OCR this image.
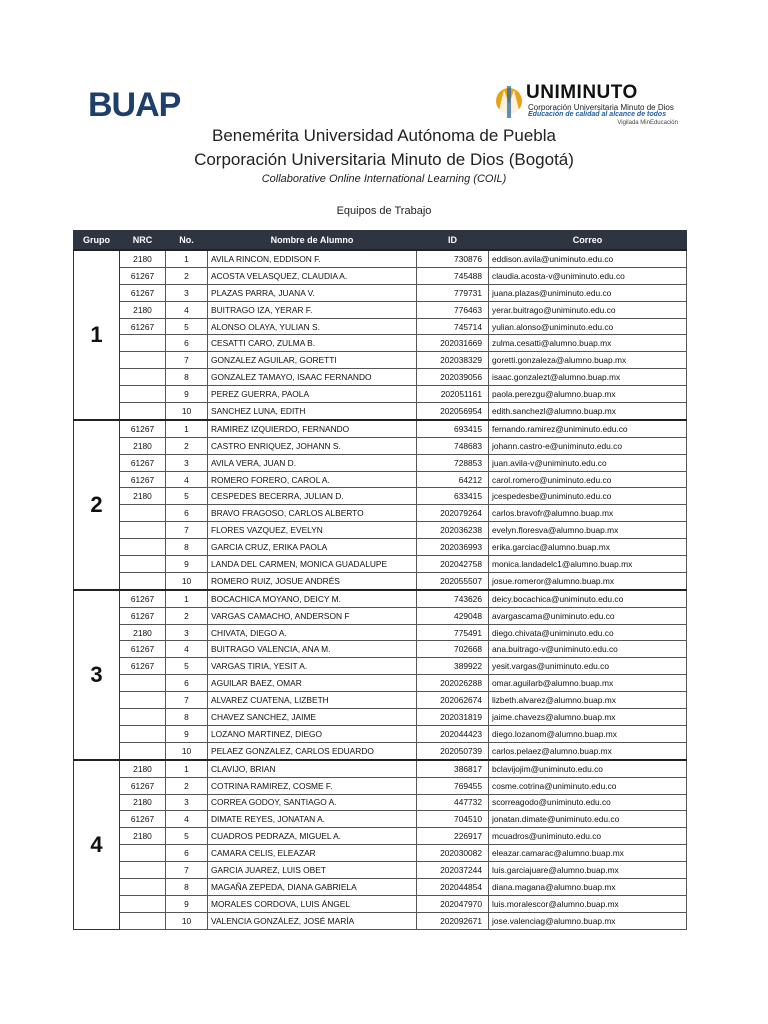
BUAP	UNIMINUTO
Corporación Universitaria Minuto de Dios
Educación de calidad al alcance de todos
Vigilada MinEducación
Benemérita Universidad Autónoma de Puebla
Corporación Universitaria Minuto de Dios (Bogotá)
Collaborative Online International Learning (COIL)
Equipos de Trabajo
Grupo	NRC	No.	Nombre de Alumno	ID	Correo
1	2180	1	AVILA RINCON, EDDISON F.	730876	eddison.avila@uniminuto.edu.co
	61267	2	ACOSTA VELASQUEZ, CLAUDIA A.	745488	claudia.acosta-v@uniminuto.edu.co
	61267	3	PLAZAS PARRA, JUANA V.	779731	juana.plazas@uniminuto.edu.co
	2180	4	BUITRAGO IZA, YERAR F.	776463	yerar.buitrago@uniminuto.edu.co
	61267	5	ALONSO OLAYA, YULIAN S.	745714	yulian.alonso@uniminuto.edu.co
		6	CESATTI CARO, ZULMA B.	202031669	zulma.cesatti@alumno.buap.mx
		7	GONZALEZ AGUILAR, GORETTI	202038329	goretti.gonzaleza@alumno.buap.mx
		8	GONZALEZ TAMAYO, ISAAC FERNANDO	202039056	isaac.gonzalezt@alumno.buap.mx
		9	PEREZ GUERRA, PAOLA	202051161	paola.perezgu@alumno.buap.mx
		10	SANCHEZ LUNA, EDITH	202056954	edith.sanchezl@alumno.buap.mx
2	61267	1	RAMIREZ IZQUIERDO, FERNANDO	693415	fernando.ramirez@uniminuto.edu.co
	2180	2	CASTRO ENRIQUEZ, JOHANN S.	748683	johann.castro-e@uniminuto.edu.co
	61267	3	AVILA VERA, JUAN D.	728853	juan.avila-v@uniminuto.edu.co
	61267	4	ROMERO FORERO, CAROL A.	64212	carol.romero@uniminuto.edu.co
	2180	5	CESPEDES BECERRA, JULIAN D.	633415	jcespedesbe@uniminuto.edu.co
		6	BRAVO FRAGOSO, CARLOS ALBERTO	202079264	carlos.bravofr@alumno.buap.mx
		7	FLORES VAZQUEZ, EVELYN	202036238	evelyn.floresva@alumno.buap.mx
		8	GARCIA CRUZ, ERIKA PAOLA	202036993	erika.garciac@alumno.buap.mx
		9	LANDA DEL CARMEN, MONICA GUADALUPE	202042758	monica.landadelc1@alumno.buap.mx
		10	ROMERO RUIZ, JOSUE ANDRÉS	202055507	josue.romeror@alumno.buap.mx
3	61267	1	BOCACHICA MOYANO, DEICY M.	743626	deicy.bocachica@uniminuto.edu.co
	61267	2	VARGAS CAMACHO, ANDERSON F	429048	avargascama@uniminuto.edu.co
	2180	3	CHIVATA, DIEGO A.	775491	diego.chivata@uniminuto.edu.co
	61267	4	BUITRAGO VALENCIA, ANA M.	702668	ana.buitrago-v@uniminuto.edu.co
	61267	5	VARGAS TIRIA, YESIT A.	389922	yesit.vargas@uniminuto.edu.co
		6	AGUILAR BAEZ, OMAR	202026288	omar.aguilarb@alumno.buap.mx
		7	ALVAREZ CUATENA, LIZBETH	202062674	lizbeth.alvarez@alumno.buap.mx
		8	CHAVEZ SANCHEZ, JAIME	202031819	jaime.chavezs@alumno.buap.mx
		9	LOZANO MARTINEZ, DIEGO	202044423	diego.lozanom@alumno.buap.mx
		10	PELAEZ GONZALEZ, CARLOS EDUARDO	202050739	carlos.pelaez@alumno.buap.mx
4	2180	1	CLAVIJO, BRIAN	386817	bclavijojim@uniminuto.edu.co
	61267	2	COTRINA RAMIREZ, COSME F.	769455	cosme.cotrina@uniminuto.edu.co
	2180	3	CORREA GODOY, SANTIAGO A.	447732	scorreagodo@uniminuto.edu.co
	61267	4	DIMATE REYES, JONATAN A.	704510	jonatan.dimate@uniminuto.edu.co
	2180	5	CUADROS PEDRAZA, MIGUEL A.	226917	mcuadros@uniminuto.edu.co
		6	CAMARA CELIS, ELEAZAR	202030082	eleazar.camarac@alumno.buap.mx
		7	GARCIA JUAREZ, LUIS OBET	202037244	luis.garciajuare@alumno.buap.mx
		8	MAGAÑA ZEPEDA, DIANA GABRIELA	202044854	diana.magana@alumno.buap.mx
		9	MORALES CORDOVA, LUIS ÁNGEL	202047970	luis.moralescor@alumno.buap.mx
		10	VALENCIA GONZÁLEZ, JOSÉ MARÍA	202092671	jose.valenciag@alumno.buap.mx
